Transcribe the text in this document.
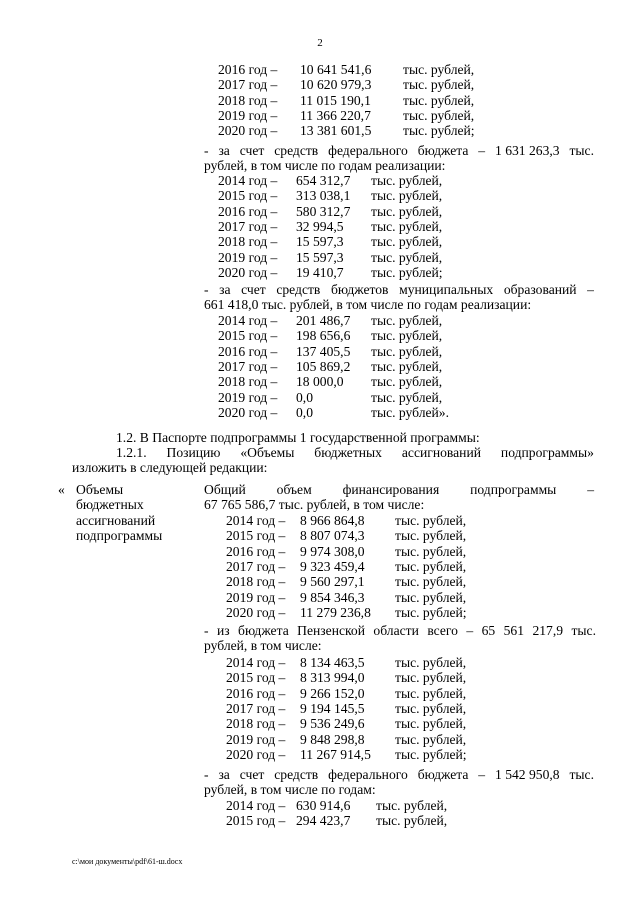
2
2016 год – 10 641 541,6 тыс. рублей,
2017 год – 10 620 979,3 тыс. рублей,
2018 год – 11 015 190,1 тыс. рублей,
2019 год – 11 366 220,7 тыс. рублей,
2020 год – 13 381 601,5 тыс. рублей;
- за счет средств федерального бюджета – 1 631 263,3 тыс.
рублей, в том числе по годам реализации:
2014 год – 654 312,7 тыс. рублей,
2015 год – 313 038,1 тыс. рублей,
2016 год – 580 312,7 тыс. рублей,
2017 год – 32 994,5 тыс. рублей,
2018 год – 15 597,3 тыс. рублей,
2019 год – 15 597,3 тыс. рублей,
2020 год – 19 410,7 тыс. рублей;
- за счет средств бюджетов муниципальных образований –
661 418,0 тыс. рублей, в том числе по годам реализации:
2014 год – 201 486,7 тыс. рублей,
2015 год – 198 656,6 тыс. рублей,
2016 год – 137 405,5 тыс. рублей,
2017 год – 105 869,2 тыс. рублей,
2018 год – 18 000,0 тыс. рублей,
2019 год – 0,0	тыс. рублей,
2020 год – 0,0	тыс. рублей».
1.2. В Паспорте подпрограммы 1 государственной программы:
1.2.1. Позицию «Объемы бюджетных ассигнований подпрограммы»
изложить в следующей редакции:
« Объемы
бюджетных
ассигнований
подпрограммы
Общий объем финансирования подпрограммы –
67 765 586,7 тыс. рублей, в том числе:
2014 год – 8 966 864,8 тыс. рублей,
2015 год – 8 807 074,3 тыс. рублей,
2016 год – 9 974 308,0 тыс. рублей,
2017 год – 9 323 459,4 тыс. рублей,
2018 год – 9 560 297,1 тыс. рублей,
2019 год – 9 854 346,3 тыс. рублей,
2020 год – 11 279 236,8 тыс. рублей;
- из бюджета Пензенской области всего – 65 561 217,9 тыс.
рублей, в том числе:
2014 год – 8 134 463,5 тыс. рублей,
2015 год – 8 313 994,0 тыс. рублей,
2016 год – 9 266 152,0 тыс. рублей,
2017 год – 9 194 145,5 тыс. рублей,
2018 год – 9 536 249,6 тыс. рублей,
2019 год – 9 848 298,8 тыс. рублей,
2020 год – 11 267 914,5 тыс. рублей;
- за счет средств федерального бюджета – 1 542 950,8 тыс.
рублей, в том числе по годам:
2014 год – 630 914,6 тыс. рублей,
2015 год – 294 423,7 тыс. рублей,
c:\мои документы\pdf\61-ш.docx
